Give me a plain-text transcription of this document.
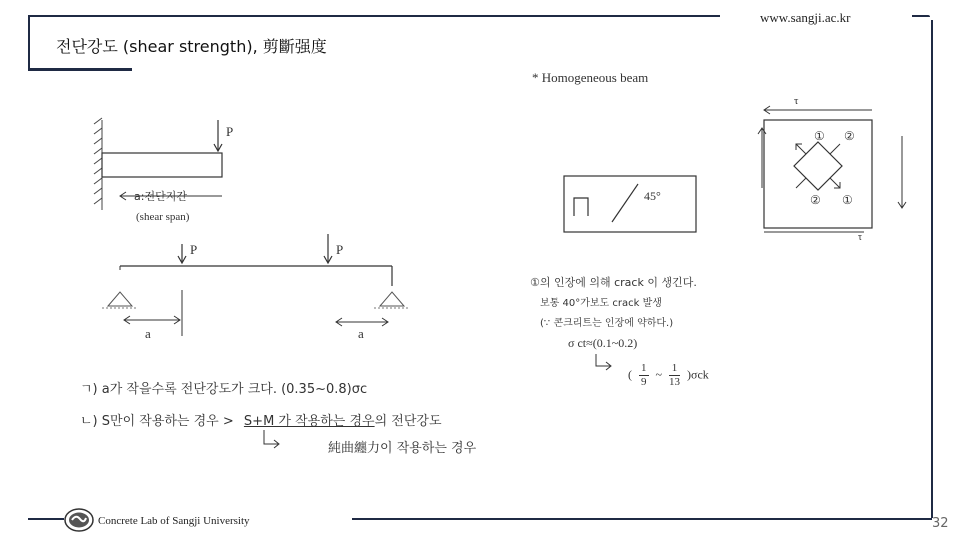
www.sangji.ac.kr
전단강도 (shear strength), 剪斷强度
Concrete Lab of Sangji University	32
P
a:전단지간
(shear span)
P	P
a	a
ㄱ) a가 작을수록 전단강도가 크다. (0.35~0.8)σc
ㄴ) S만이 작용하는 경우 > S+M 가 작용하는 경우의 전단강도
純曲纏力이 작용하는 경우
* Homogeneous beam
45°
τ
① ②
② ①
τ
①의 인장에 의해 crack 이 생긴다.
보통 40°가보도 crack 발생
(∵ 콘크리트는 인장에 약하다.)
σ ct≈(0.1~0.2)
( $\frac{1}{9}$ ~ $\frac{1}{13} )\sigma ck$
